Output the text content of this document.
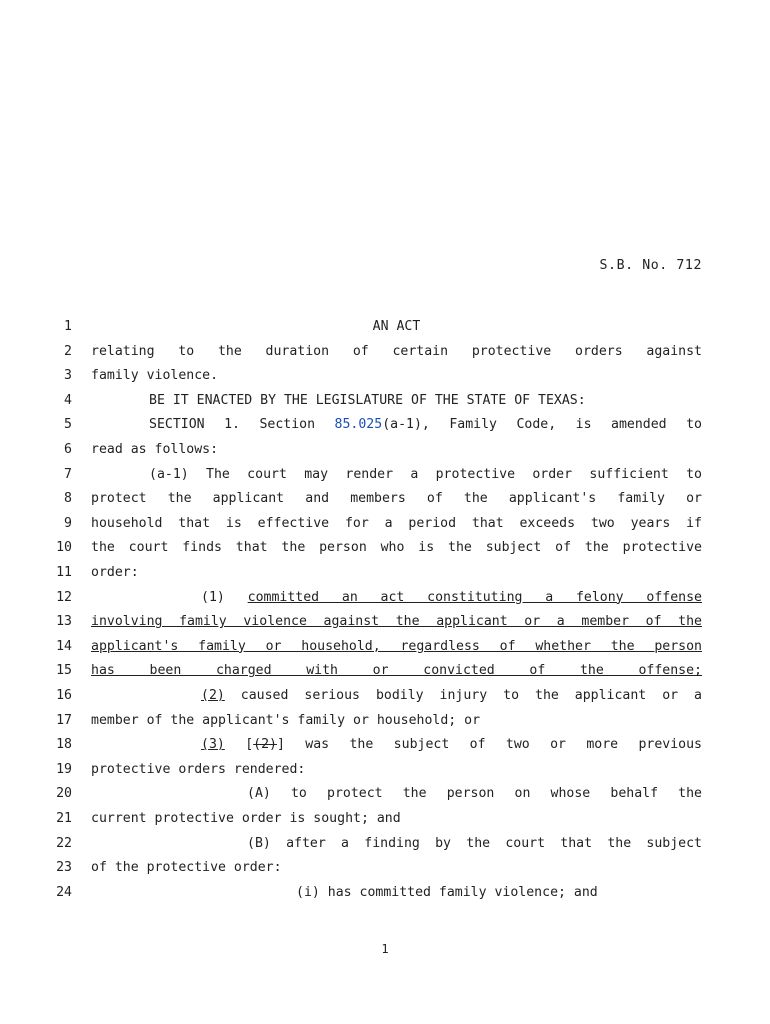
S.B. No. 712
1	AN ACT
2 relating to the duration of certain protective orders against
3 family violence.
4	BE IT ENACTED BY THE LEGISLATURE OF THE STATE OF TEXAS:
5	SECTION 1. Section 85.025(a-1), Family Code, is amended to
6 read as follows:
7	(a-1) The court may render a protective order sufficient to
8 protect the applicant and members of the applicant's family or
9 household that is effective for a period that exceeds two years if
10 the court finds that the person who is the subject of the protective
11 order:
12	(1) committed an act constituting a felony offense
13 involving family violence against the applicant or a member of the
14 applicant's family or household, regardless of whether the person
15 has been charged with or convicted of the offense;
16	(2) caused serious bodily injury to the applicant or a
17 member of the applicant's family or household; or
18	(3) [(2)] was the subject of two or more previous
19 protective orders rendered:
20	(A) to protect the person on whose behalf the
21 current protective order is sought; and
22	(B) after a finding by the court that the subject
23 of the protective order:
24	(i) has committed family violence; and
1
